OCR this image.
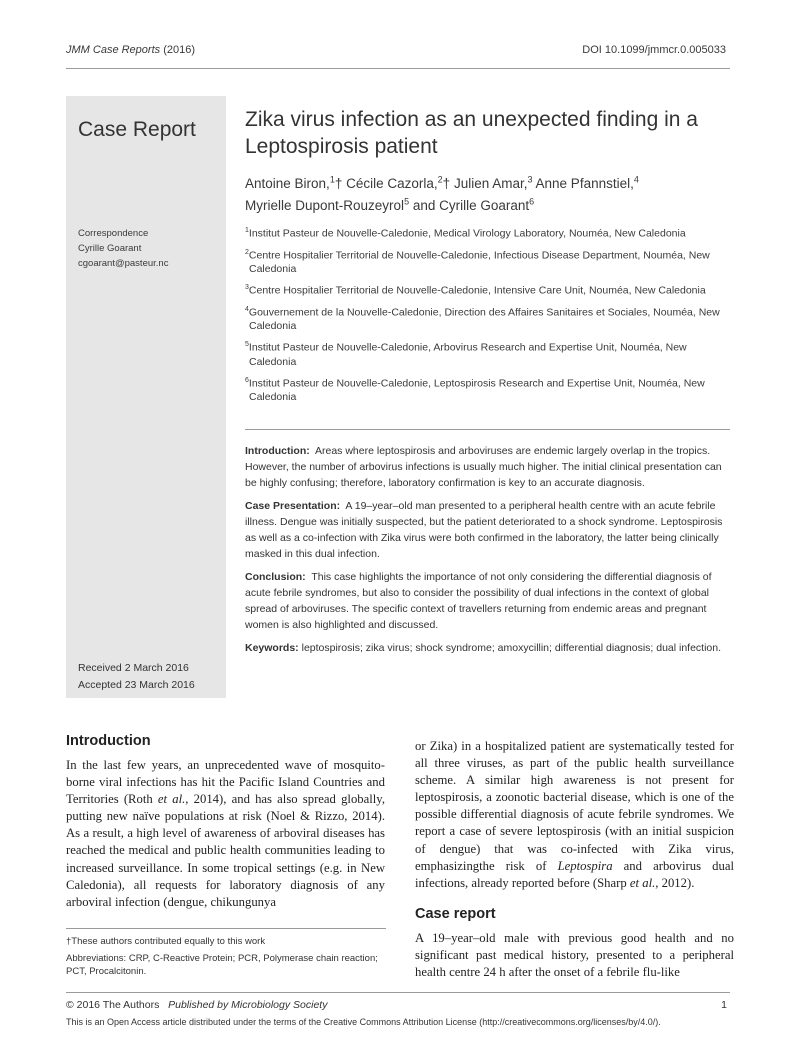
JMM Case Reports (2016)	DOI 10.1099/jmmcr.0.005033
Case Report
Correspondence
Cyrille Goarant
cgoarant@pasteur.nc
Received 2 March 2016
Accepted 23 March 2016
Zika virus infection as an unexpected finding in a Leptospirosis patient
Antoine Biron,$^1$† Cécile Cazorla,$^2$† Julien Amar,$^3$ Anne Pfannstiel,$^4$
Myrielle Dupont-Rouzeyrol$^5$ and Cyrille Goarant$^6$
$^1$Institut Pasteur de Nouvelle-Caledonie, Medical Virology Laboratory, Nouméa, New Caledonia
$^2$Centre Hospitalier Territorial de Nouvelle-Caledonie, Infectious Disease Department, Nouméa, New Caledonia
$^3$Centre Hospitalier Territorial de Nouvelle-Caledonie, Intensive Care Unit, Nouméa, New Caledonia
$^4$Gouvernement de la Nouvelle-Caledonie, Direction des Affaires Sanitaires et Sociales, Nouméa, New Caledonia
$^5$Institut Pasteur de Nouvelle-Caledonie, Arbovirus Research and Expertise Unit, Nouméa, New Caledonia
$^6$Institut Pasteur de Nouvelle-Caledonie, Leptospirosis Research and Expertise Unit, Nouméa, New Caledonia

Introduction: Areas where leptospirosis and arboviruses are endemic largely overlap in the tropics. However, the number of arbovirus infections is usually much higher. The initial clinical presentation can be highly confusing; therefore, laboratory confirmation is key to an accurate diagnosis.

Case Presentation: A 19–year–old man presented to a peripheral health centre with an acute febrile illness. Dengue was initially suspected, but the patient deteriorated to a shock syndrome. Leptospirosis as well as a co-infection with Zika virus were both confirmed in the laboratory, the latter being clinically masked in this dual infection.

Conclusion: This case highlights the importance of not only considering the differential diagnosis of acute febrile syndromes, but also to consider the possibility of dual infections in the context of global spread of arboviruses. The specific context of travellers returning from endemic areas and pregnant women is also highlighted and discussed.

Keywords: leptospirosis; zika virus; shock syndrome; amoxycillin; differential diagnosis; dual infection.

Introduction
In the last few years, an unprecedented wave of mosquito-borne viral infections has hit the Pacific Island Countries and Territories (Roth et al., 2014), and has also spread globally, putting new naïve populations at risk (Noel & Rizzo, 2014). As a result, a high level of awareness of arboviral diseases has reached the medical and public health communities leading to increased surveillance. In some tropical settings (e.g. in New Caledonia), all requests for laboratory diagnosis of any arboviral infection (dengue, chikungunya
†These authors contributed equally to this work
Abbreviations: CRP, C-Reactive Protein; PCR, Polymerase chain reaction; PCT, Procalcitonin.
or Zika) in a hospitalized patient are systematically tested for all three viruses, as part of the public health surveillance scheme. A similar high awareness is not present for leptospirosis, a zoonotic bacterial disease, which is one of the possible differential diagnosis of acute febrile syndromes. We report a case of severe leptospirosis (with an initial suspicion of dengue) that was co-infected with Zika virus, emphasizingthe risk of Leptospira and arbovirus dual infections, already reported before (Sharp et al., 2012).
Case report
A 19–year–old male with previous good health and no significant past medical history, presented to a peripheral health centre 24 h after the onset of a febrile flu-like
© 2016 The Authors Published by Microbiology Society	1
This is an Open Access article distributed under the terms of the Creative Commons Attribution License (http://creativecommons.org/licenses/by/4.0/).
